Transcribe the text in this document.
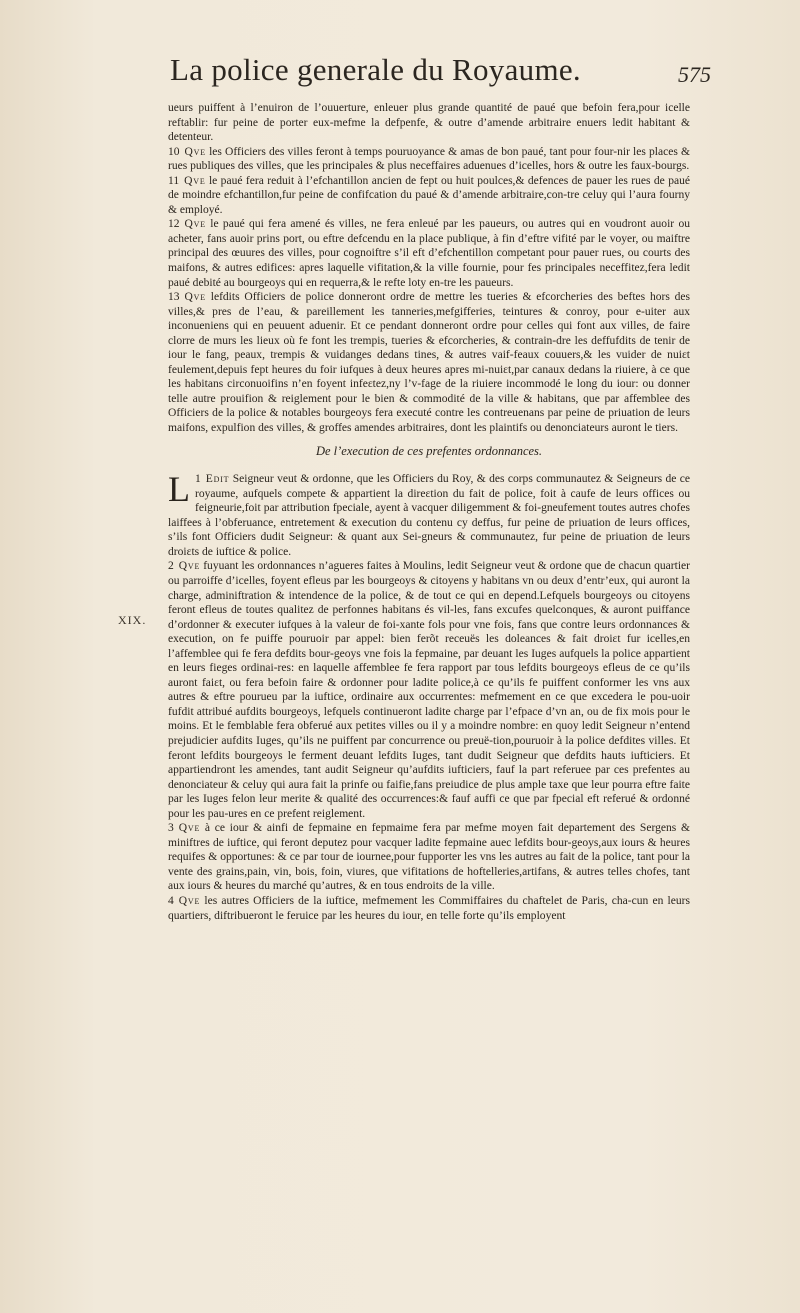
La police generale du Royaume.	575
XIX.

ueurs puiffent à l’enuiron de l’ouuerture, enleuer plus grande quantité de paué que befoin fera,pour icelle reftablir: fur peine de porter eux-mefme la defpenfe, & outre d’amende arbitraire enuers ledit habitant & detenteur.

10 Qve les Officiers des villes feront à temps pouruoyance & amas de bon paué, tant pour four-nir les places & rues publiques des villes, que les principales & plus neceffaires aduenues d’icelles, hors & outre les faux-bourgs.

11 Qve le paué fera reduit à l’efchantillon ancien de fept ou huit poulces,& defences de pauer les rues de paué de moindre efchantillon,fur peine de confifcation du paué & d’amende arbitraire,con-tre celuy qui l’aura fourny & employé.

12 Qve le paué qui fera amené és villes, ne fera enleué par les paueurs, ou autres qui en voudront auoir ou acheter, fans auoir prins port, ou eftre defcendu en la place publique, à fin d’eftre vifité par le voyer, ou maiftre principal des œuures des villes, pour cognoiftre s’il eft d’efchentillon competant pour pauer rues, ou courts des maifons, & autres edifices: apres laquelle vifitation,& la ville fournie, pour fes principales neceffitez,fera ledit paué debité au bourgeoys qui en requerra,& le refte loty en-tre les paueurs.

13 Qve lefdits Officiers de police donneront ordre de mettre les tueries & efcorcheries des beftes hors des villes,& pres de l’eau, & pareillement les tanneries,mefgifferies, teintures & conroy, pour e-uiter aux inconueniens qui en peuuent aduenir. Et ce pendant donneront ordre pour celles qui font aux villes, de faire clorre de murs les lieux où fe font les trempis, tueries & efcorcheries, & contrain-dre les deffufdits de tenir de iour le fang, peaux, trempis & vuidanges dedans tines, & autres vaif-feaux couuers,& les vuider de nuiɛt feulement,depuis fept heures du foir iufques à deux heures apres mi-nuiɛt,par canaux dedans la riuiere, à ce que les habitans circonuoifins n’en foyent infeɛtez,ny l’v-fage de la riuiere incommodé le long du iour: ou donner telle autre prouifion & reiglement pour le bien & commodité de la ville & habitans, que par affemblee des Officiers de la police & notables bourgeoys fera executé contre les contreuenans par peine de priuation de leurs maifons, expulfion des villes, & groffes amendes arbitraires, dont les plaintifs ou denonciateurs auront le tiers.

De l’execution de ces prefentes ordonnances.

1
L Edit Seigneur veut & ordonne, que les Officiers du Roy, & des corps communautez & Seigneurs de ce royaume, aufquels compete & appartient la direɛtion du fait de police, foit à caufe de leurs offices ou feigneurie,foit par attribution fpeciale, ayent à vacquer diligemment & foi-gneufement toutes autres chofes laiffees à l’obferuance, entretement & execution du contenu cy deffus, fur peine de priuation de leurs offices, s’ils font Officiers dudit Seigneur: & quant aux Sei-gneurs & communautez, fur peine de priuation de leurs droiɛts de iuftice & police.

2 Qve fuyuant les ordonnances n’agueres faites à Moulins, ledit Seigneur veut & ordone que de chacun quartier ou parroiffe d’icelles, foyent efleus par les bourgeoys & citoyens y habitans vn ou deux d’entr’eux, qui auront la charge, adminiftration & intendence de la police, & de tout ce qui en depend.Lefquels bourgeoys ou citoyens feront efleus de toutes qualitez de perfonnes habitans és vil-les, fans excufes quelconques, & auront puiffance d’ordonner & executer iufques à la valeur de foi-xante fols pour vne fois, fans que contre leurs ordonnances & execution, on fe puiffe pouruoir par appel: bien ferõt receuës les doleances & fait droiɛt fur icelles,en l’affemblee qui fe fera defdits bour-geoys vne fois la fepmaine, par deuant les Iuges aufquels la police appartient en leurs fieges ordinai-res: en laquelle affemblee fe fera rapport par tous lefdits bourgeoys efleus de ce qu’ils auront faiɛt, ou fera befoin faire & ordonner pour ladite police,à ce qu’ils fe puiffent conformer les vns aux autres & eftre pourueu par la iuftice, ordinaire aux occurrentes: mefmement en ce que excedera le pou-uoir fufdit attribué aufdits bourgeoys, lefquels continueront ladite charge par l’efpace d’vn an, ou de fix mois pour le moins. Et le femblable fera obferué aux petites villes ou il y a moindre nombre: en quoy ledit Seigneur n’entend prejudicier aufdits Iuges, qu’ils ne puiffent par concurrence ou preuë-tion,pouruoir à la police defdites villes. Et feront lefdits bourgeoys le ferment deuant lefdits Iuges, tant dudit Seigneur que defdits hauts iufticiers. Et appartiendront les amendes, tant audit Seigneur qu’aufdits iufticiers, fauf la part referuee par ces prefentes au denonciateur & celuy qui aura fait la prinfe ou faifie,fans preiudice de plus ample taxe que leur pourra eftre faite par les Iuges felon leur merite & qualité des occurrences:& fauf auffi ce que par fpecial eft referué & ordonné pour les pau-ures en ce prefent reiglement.

3 Qve à ce iour & ainfi de fepmaine en fepmaime fera par mefme moyen fait departement des Sergens & miniftres de iuftice, qui feront deputez pour vacquer ladite fepmaine auec lefdits bour-geoys,aux iours & heures requifes & opportunes: & ce par tour de iournee,pour fupporter les vns les autres au fait de la police, tant pour la vente des grains,pain, vin, bois, foin, viures, que vifitations de hoftelleries,artifans, & autres telles chofes, tant aux iours & heures du marché qu’autres, & en tous endroits de la ville.

4 Qve les autres Officiers de la iuftice, mefmement les Commiffaires du chaftelet de Paris, cha-cun en leurs quartiers, diftribueront le feruice par les heures du iour, en telle forte qu’ils employent
